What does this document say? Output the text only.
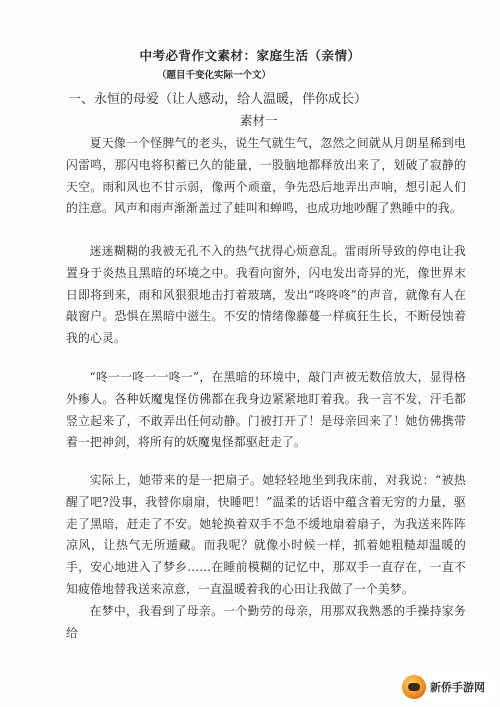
中考必背作文素材：家庭生活（亲情）
（题目千变化实际一个文）
一、永恒的母爱（让人感动，给人温暖，伴你成长）
素材一

夏天像一个怪脾气的老头，说生气就生气，忽然之间就从月朗星稀到电闪雷鸣，那闪电将积蓄已久的能量，一股脑地都释放出来了，划破了寂静的天空。雨和风也不甘示弱，像两个顽童，争先恐后地弄出声响，想引起人们的注意。风声和雨声渐渐盖过了蛙叫和蝉鸣，也成功地吵醒了熟睡中的我。

迷迷糊糊的我被无孔不入的热气扰得心烦意乱。雷雨所导致的停电让我置身于炎热且黑暗的环境之中。我看向窗外，闪电发出奇异的光，像世界末日即将到来，雨和风狠狠地击打着玻璃，发出“咚咚咚”的声音，就像有人在敲窗户。恐惧在黑暗中滋生。不安的情绪像藤蔓一样疯狂生长，不断侵蚀着我的心灵。

“咚一一咚一一咚一”，在黑暗的环境中，敲门声被无数倍放大，显得格外瘆人。各种妖魔鬼怪仿佛都在我身边紧紧地盯着我。我一言不发，汗毛都竖立起来了，不敢弄出任何动静。门被打开了！是母亲回来了！她仿佛携带着一把神剑，将所有的妖魔鬼怪都驱赶走了。

实际上，她带来的是一把扇子。她轻轻地坐到我床前，对我说：“被热醒了吧?没事，我替你扇扇，快睡吧！”温柔的话语中蕴含着无穷的力量，驱走了黑暗，赶走了不安。她轮换着双手不急不缓地扇着扇子，为我送来阵阵凉风，让热气无所遁藏。而我呢？就像小时候一样，抓着她粗糙却温暖的手，安心地进入了梦乡……在睡前模糊的记忆中，那双手一直存在，一直不知疲倦地替我送来凉意，一直温暖着我的心田让我做了一个美梦。

在梦中，我看到了母亲。一个勤劳的母亲，用那双我熟悉的手操持家务给

新侨手游网
